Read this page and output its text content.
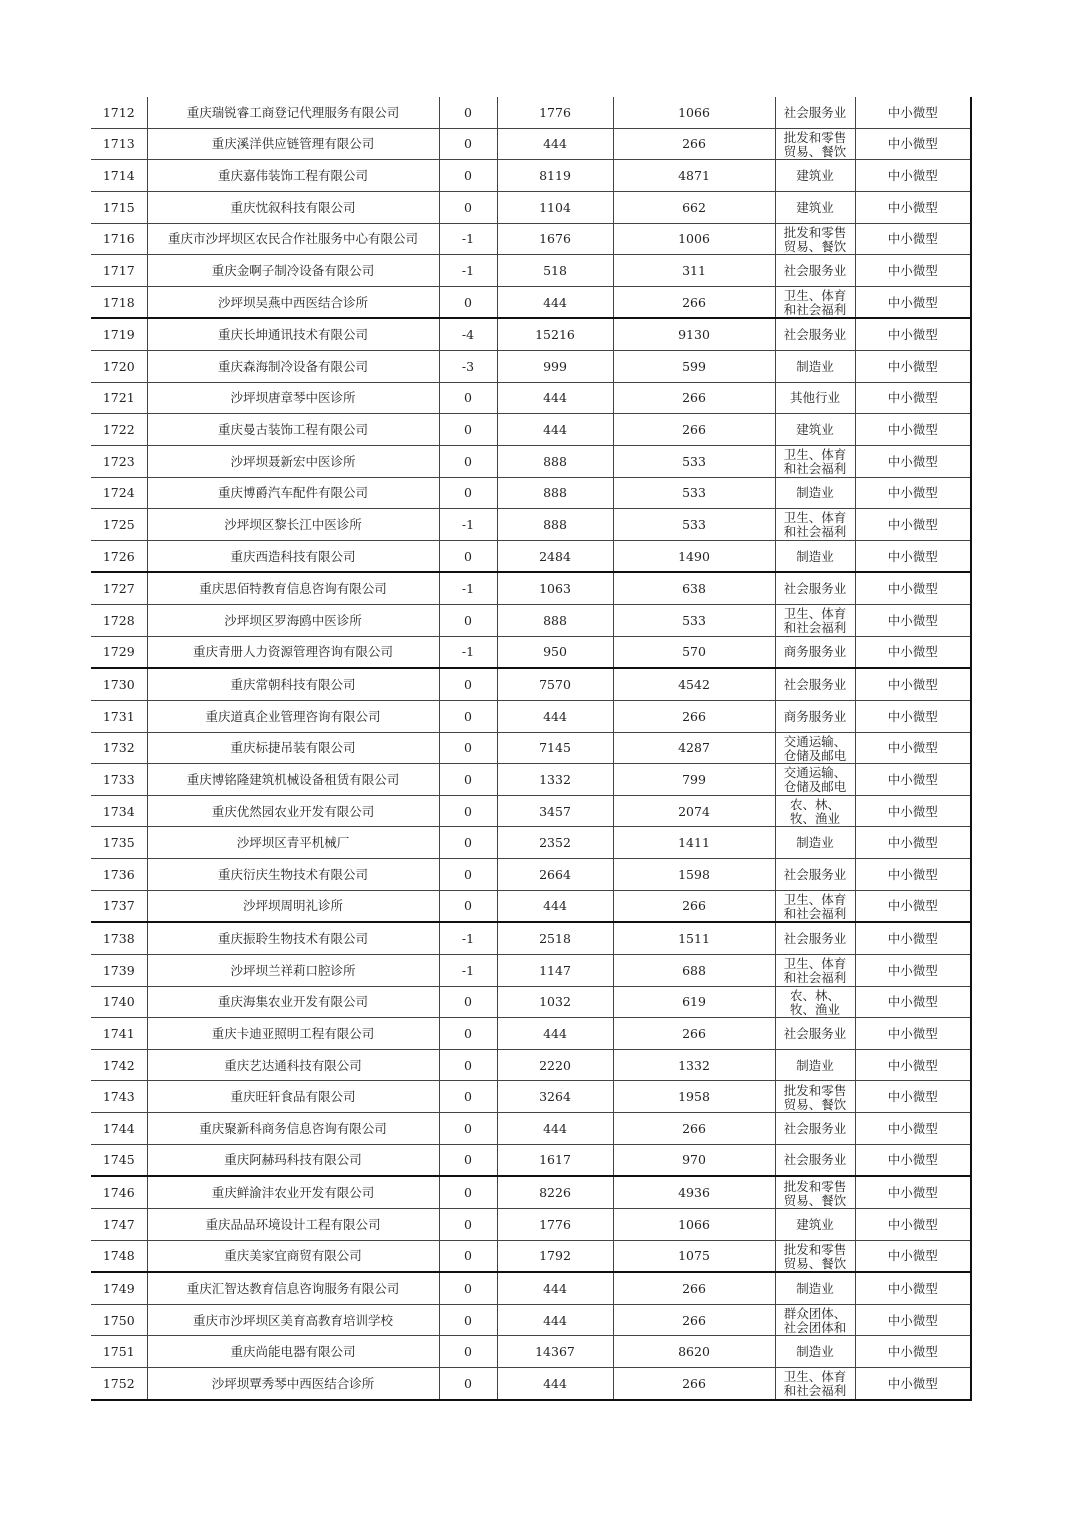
1712	重庆瑞锐睿工商登记代理服务有限公司	0	1776	1066	社会服务业	中小微型
1713	重庆溪洋供应链管理有限公司	0	444	266	批发和零售贸易、餐饮	中小微型
1714	重庆嘉伟装饰工程有限公司	0	8119	4871	建筑业	中小微型
1715	重庆忱叙科技有限公司	0	1104	662	建筑业	中小微型
1716	重庆市沙坪坝区农民合作社服务中心有限公司	-1	1676	1006	批发和零售贸易、餐饮	中小微型
1717	重庆金啊子制冷设备有限公司	-1	518	311	社会服务业	中小微型
1718	沙坪坝吴燕中西医结合诊所	0	444	266	卫生、体育和社会福利	中小微型
1719	重庆长坤通讯技术有限公司	-4	15216	9130	社会服务业	中小微型
1720	重庆森海制冷设备有限公司	-3	999	599	制造业	中小微型
1721	沙坪坝唐章琴中医诊所	0	444	266	其他行业	中小微型
1722	重庆曼古装饰工程有限公司	0	444	266	建筑业	中小微型
1723	沙坪坝聂新宏中医诊所	0	888	533	卫生、体育和社会福利	中小微型
1724	重庆博爵汽车配件有限公司	0	888	533	制造业	中小微型
1725	沙坪坝区黎长江中医诊所	-1	888	533	卫生、体育和社会福利	中小微型
1726	重庆西造科技有限公司	0	2484	1490	制造业	中小微型
1727	重庆思佰特教育信息咨询有限公司	-1	1063	638	社会服务业	中小微型
1728	沙坪坝区罗海鸥中医诊所	0	888	533	卫生、体育和社会福利	中小微型
1729	重庆青册人力资源管理咨询有限公司	-1	950	570	商务服务业	中小微型
1730	重庆常朝科技有限公司	0	7570	4542	社会服务业	中小微型
1731	重庆道真企业管理咨询有限公司	0	444	266	商务服务业	中小微型
1732	重庆标捷吊装有限公司	0	7145	4287	交通运输、仓储及邮电	中小微型
1733	重庆博铭隆建筑机械设备租赁有限公司	0	1332	799	交通运输、仓储及邮电	中小微型
1734	重庆优然园农业开发有限公司	0	3457	2074	农、林、牧、渔业	中小微型
1735	沙坪坝区青平机械厂	0	2352	1411	制造业	中小微型
1736	重庆衍庆生物技术有限公司	0	2664	1598	社会服务业	中小微型
1737	沙坪坝周明礼诊所	0	444	266	卫生、体育和社会福利	中小微型
1738	重庆振聆生物技术有限公司	-1	2518	1511	社会服务业	中小微型
1739	沙坪坝兰祥莉口腔诊所	-1	1147	688	卫生、体育和社会福利	中小微型
1740	重庆海集农业开发有限公司	0	1032	619	农、林、牧、渔业	中小微型
1741	重庆卡迪亚照明工程有限公司	0	444	266	社会服务业	中小微型
1742	重庆艺达通科技有限公司	0	2220	1332	制造业	中小微型
1743	重庆旺轩食品有限公司	0	3264	1958	批发和零售贸易、餐饮	中小微型
1744	重庆聚新科商务信息咨询有限公司	0	444	266	社会服务业	中小微型
1745	重庆阿赫玛科技有限公司	0	1617	970	社会服务业	中小微型
1746	重庆鲜渝沣农业开发有限公司	0	8226	4936	批发和零售贸易、餐饮	中小微型
1747	重庆品品环境设计工程有限公司	0	1776	1066	建筑业	中小微型
1748	重庆美家宜商贸有限公司	0	1792	1075	批发和零售贸易、餐饮	中小微型
1749	重庆汇智达教育信息咨询服务有限公司	0	444	266	制造业	中小微型
1750	重庆市沙坪坝区美育高教育培训学校	0	444	266	群众团体、社会团体和	中小微型
1751	重庆尚能电器有限公司	0	14367	8620	制造业	中小微型
1752	沙坪坝覃秀琴中西医结合诊所	0	444	266	卫生、体育和社会福利	中小微型
